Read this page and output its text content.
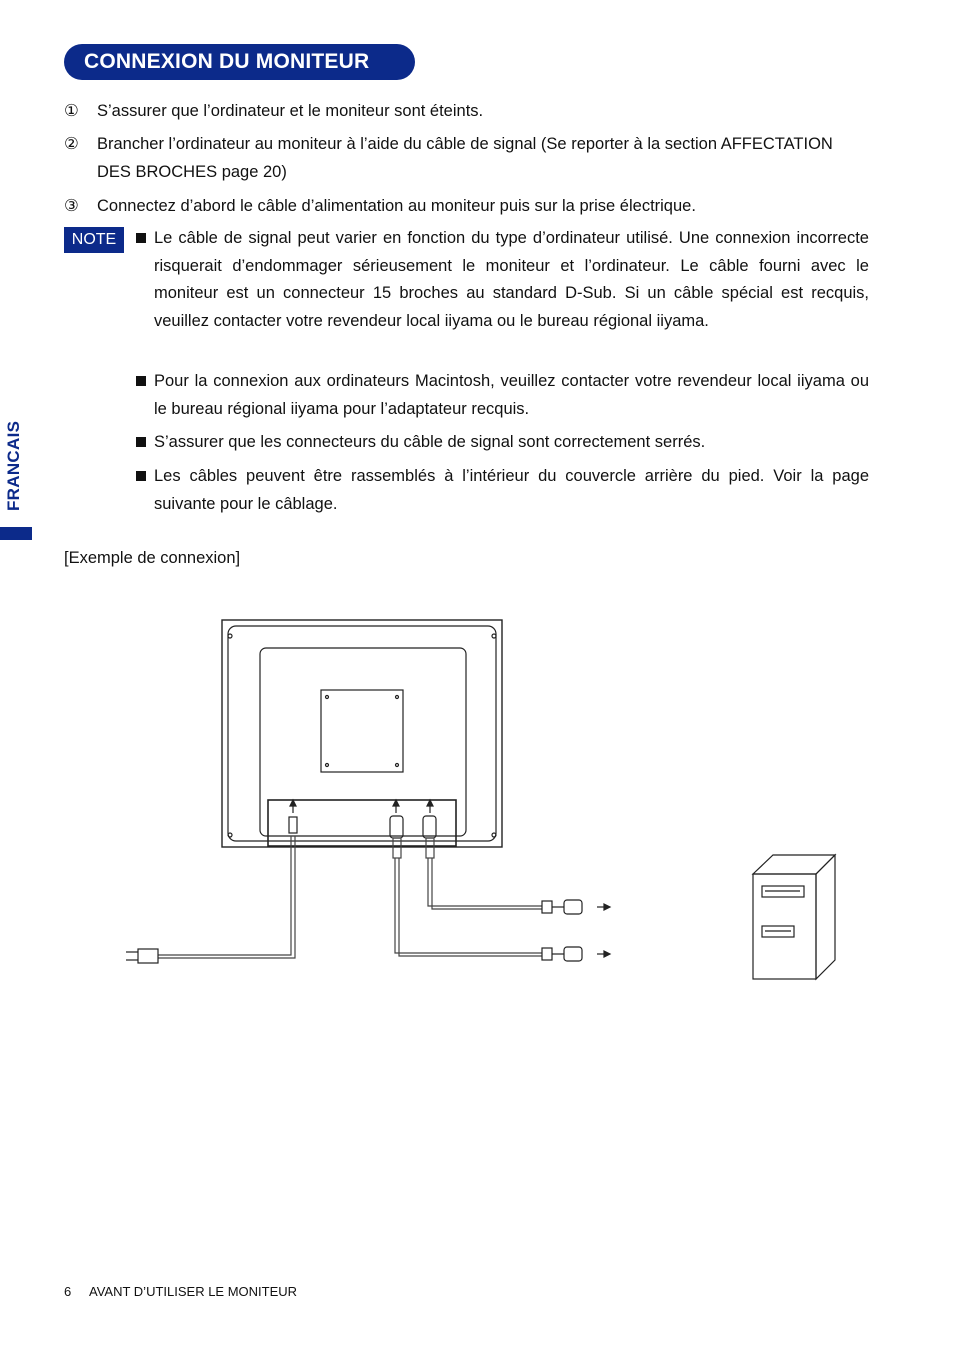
CONNEXION DU MONITEUR
①	S’assurer que l’ordinateur et le moniteur sont éteints.
②	Brancher l’ordinateur au moniteur à l’aide du câble de signal (Se reporter à la section AFFECTATION DES BROCHES page 20)
③	Connectez d’abord le câble d’alimentation au moniteur puis sur la prise électrique.
NOTE	Le câble de signal peut varier en fonction du type d’ordinateur utilisé. Une connexion incorrecte risquerait d’endommager sérieusement le moniteur et l’ordinateur. Le câble fourni avec le moniteur est un connecteur 15 broches au standard D-Sub. Si un câble spécial est recquis, veuillez contacter votre revendeur local iiyama ou le bureau régional iiyama.
Pour la connexion aux ordinateurs Macintosh, veuillez contacter votre revendeur local iiyama ou le bureau régional iiyama pour l’adaptateur recquis.
S’assurer que les connecteurs du câble de signal sont correctement serrés.
Les câbles peuvent être rassemblés à l’intérieur du couvercle arrière du pied. Voir la page suivante pour le câblage.
FRANCAIS
[Exemple de connexion]
6 AVANT D’UTILISER LE MONITEUR
